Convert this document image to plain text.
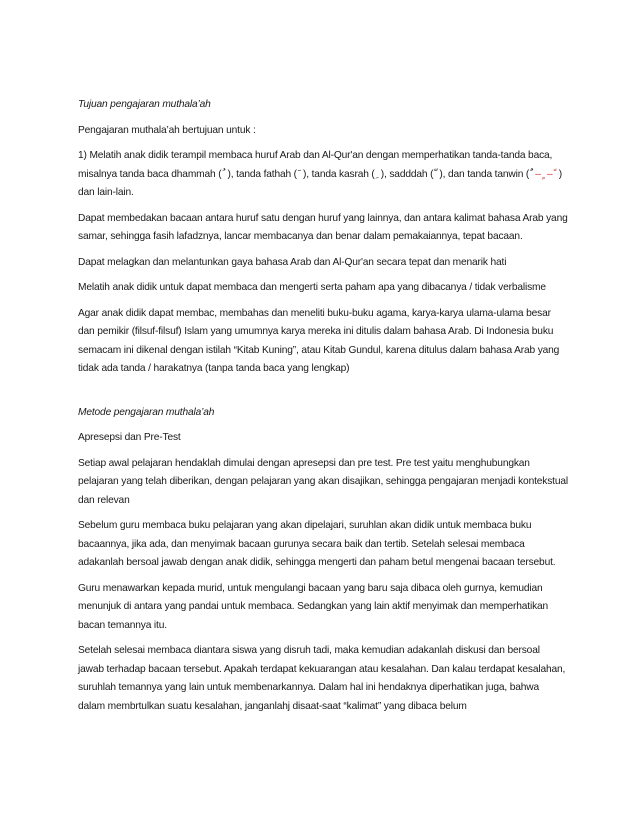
Tujuan pengajaran muthala’ah

Pengajaran muthala’ah bertujuan untuk :

1) Melatih anak didik terampil membaca huruf Arab dan Al-Qur'an dengan memperhatikan tanda-tanda baca, misalnya tanda baca dhammah ( ), tanda fathah ( ), tanda kasrah ( ), sadddah ( ), dan tanda tanwin ( ٌ – ٍ – ً ) dan lain-lain.

Dapat membedakan bacaan antara huruf satu dengan huruf yang lainnya, dan antara kalimat bahasa Arab yang samar, sehingga fasih lafadznya, lancar membacanya dan benar dalam pemakaiannya, tepat bacaan.

Dapat melagkan dan melantunkan gaya bahasa Arab dan Al-Qur'an secara tepat dan menarik hati

Melatih anak didik untuk dapat membaca dan mengerti serta paham apa yang dibacanya / tidak verbalisme

Agar anak didik dapat membac, membahas dan meneliti buku-buku agama, karya-karya ulama-ulama besar dan pemikir (filsuf-filsuf) Islam yang umumnya karya mereka ini ditulis dalam bahasa Arab. Di Indonesia buku semacam ini dikenal dengan istilah “Kitab Kuning”, atau Kitab Gundul, karena ditulus dalam bahasa Arab yang tidak ada tanda / harakatnya (tanpa tanda baca yang lengkap)

Metode pengajaran muthala’ah

Apresepsi dan Pre-Test

Setiap awal pelajaran hendaklah dimulai dengan apresepsi dan pre test. Pre test yaitu menghubungkan pelajaran yang telah diberikan, dengan pelajaran yang akan disajikan, sehingga pengajaran menjadi kontekstual dan relevan

Sebelum guru membaca buku pelajaran yang akan dipelajari, suruhlan akan didik untuk membaca buku bacaannya, jika ada, dan menyimak bacaan gurunya secara baik dan tertib. Setelah selesai membaca adakanlah bersoal jawab dengan anak didik, sehingga mengerti dan paham betul mengenai bacaan tersebut.

Guru menawarkan kepada murid, untuk mengulangi bacaan yang baru saja dibaca oleh gurnya, kemudian menunjuk di antara yang pandai untuk membaca. Sedangkan yang lain aktif menyimak dan memperhatikan bacan temannya itu.

Setelah selesai membaca diantara siswa yang disruh tadi, maka kemudian adakanlah diskusi dan bersoal jawab terhadap bacaan tersebut. Apakah terdapat kekuarangan atau kesalahan. Dan kalau terdapat kesalahan, suruhlah temannya yang lain untuk membenarkannya. Dalam hal ini hendaknya diperhatikan juga, bahwa dalam membrtulkan suatu kesalahan, janganlahj disaat-saat “kalimat” yang dibaca belum
